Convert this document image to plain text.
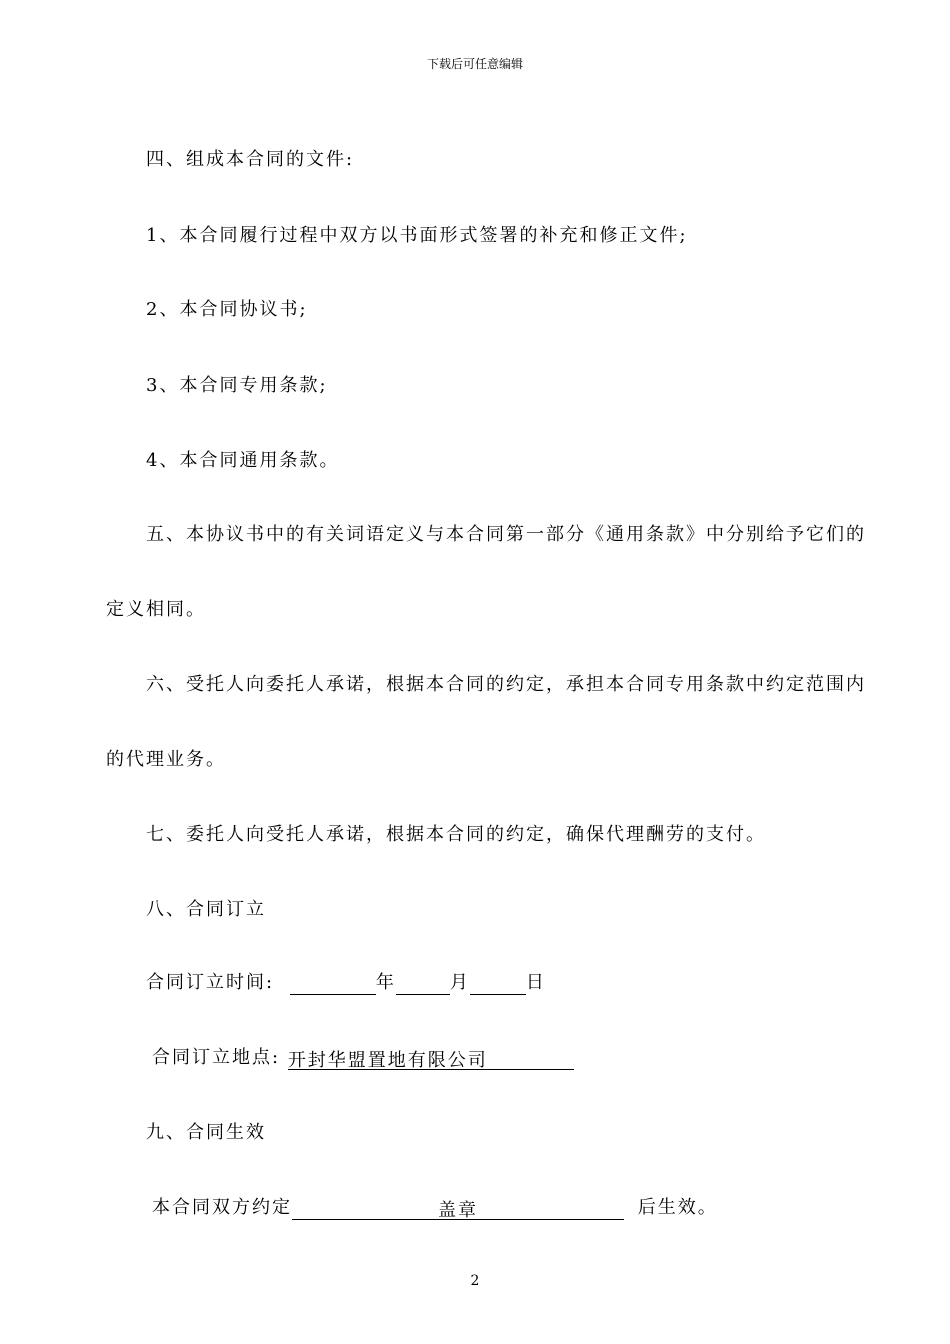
下载后可任意编辑
四、组成本合同的文件:
1、本合同履行过程中双方以书面形式签署的补充和修正文件;
2、本合同协议书;
3、本合同专用条款;
4、本合同通用条款。
五、本协议书中的有关词语定义与本合同第一部分《通用条款》中分别给予它们的
定义相同。
六、受托人向委托人承诺，根据本合同的约定，承担本合同专用条款中约定范围内
的代理业务。
七、委托人向受托人承诺，根据本合同的约定，确保代理酬劳的支付。
八、合同订立
合同订立时间:	年	月	日
合同订立地点: 开封华盟置地有限公司
九、合同生效
本合同双方约定	盖章	后生效。
2
